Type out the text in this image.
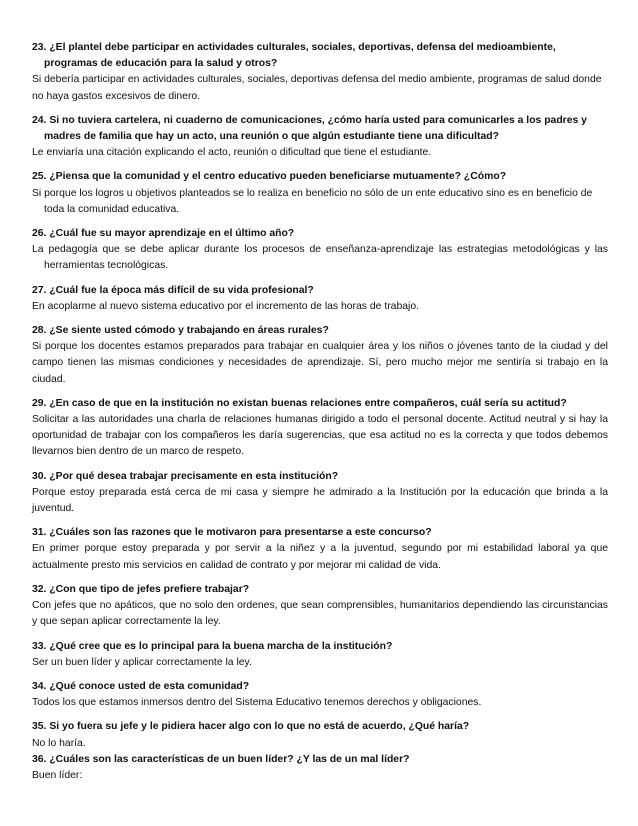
23. ¿El plantel debe participar en actividades culturales, sociales, deportivas, defensa del medioambiente, programas de educación para la salud y otros?
Si debería participar en actividades culturales, sociales, deportivas defensa del medio ambiente, programas de salud donde no haya gastos excesivos de dinero.
24. Si no tuviera cartelera, ni cuaderno de comunicaciones, ¿cómo haría usted para comunicarles a los padres y madres de familia que hay un acto, una reunión o que algún estudiante tiene una dificultad?
Le enviaría una citación explicando el acto, reunión o dificultad que tiene el estudiante.
25. ¿Piensa que la comunidad y el centro educativo pueden beneficiarse mutuamente? ¿Cómo?
Si porque los logros u objetivos planteados se lo realiza en beneficio no sólo de un ente educativo sino es en beneficio de toda la comunidad educativa.
26. ¿Cuál fue su mayor aprendizaje en el último año?
La pedagogía que se debe aplicar durante los procesos de enseñanza-aprendizaje las estrategias metodológicas y las herramientas tecnológicas.
27. ¿Cuál fue la época más difícil de su vida profesional?
En acoplarme al nuevo sistema educativo por el incremento de las horas de trabajo.
28. ¿Se siente usted cómodo y trabajando en áreas rurales?
Si porque los docentes estamos preparados para trabajar en cualquier área y los niños o jóvenes tanto de la ciudad y del campo tienen las mismas condiciones y necesidades de aprendizaje. Sí, pero mucho mejor me sentiría si trabajo en la ciudad.
29. ¿En caso de que en la institución no existan buenas relaciones entre compañeros, cuál sería su actitud?
Solicitar a las autoridades una charla de relaciones humanas dirigido a todo el personal docente. Actitud neutral y si hay la oportunidad de trabajar con los compañeros les daría sugerencias, que esa actitud no es la correcta y que todos debemos llevarnos bien dentro de un marco de respeto.
30. ¿Por qué desea trabajar precisamente en esta institución?
Porque estoy preparada está cerca de mi casa y siempre he admirado a la Institución por la educación que brinda a la juventud.
31. ¿Cuáles son las razones que le motivaron para presentarse a este concurso?
En primer porque estoy preparada y por servir a la niñez y a la juventud, segundo por mi estabilidad laboral ya que actualmente presto mis servicios en calidad de contrato y por mejorar mi calidad de vida.
32. ¿Con que tipo de jefes prefiere trabajar?
Con jefes que no apáticos, que no solo den ordenes, que sean comprensibles, humanitarios dependiendo las circunstancias y que sepan aplicar correctamente la ley.
33. ¿Qué cree que es lo principal para la buena marcha de la institución?
Ser un buen líder y aplicar correctamente la ley.
34. ¿Qué conoce usted de esta comunidad?
Todos los que estamos inmersos dentro del Sistema Educativo tenemos derechos y obligaciones.
35. Si yo fuera su jefe y le pidiera hacer algo con lo que no está de acuerdo, ¿Qué haría?
No lo haría.
36. ¿Cuáles son las características de un buen líder? ¿Y las de un mal líder?
Buen líder:
